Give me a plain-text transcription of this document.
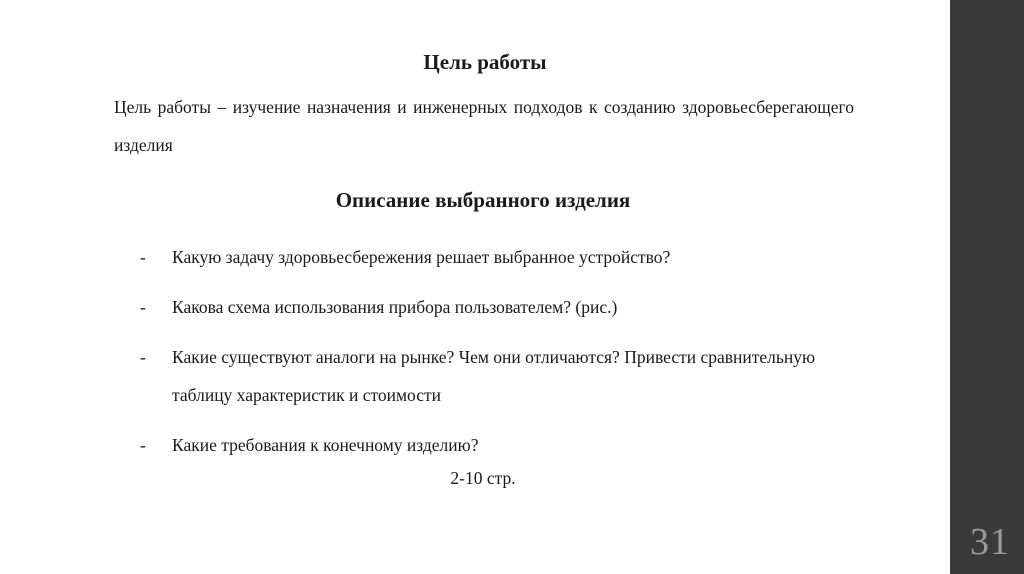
Цель работы
Цель работы – изучение назначения и инженерных подходов к созданию здоровьесберегающего изделия
Описание выбранного изделия
- Какую задачу здоровьесбережения решает выбранное устройство?
- Какова схема использования прибора пользователем? (рис.)
- Какие существуют аналоги на рынке? Чем они отличаются? Привести сравнительную таблицу характеристик и стоимости
- Какие требования к конечному изделию?
2-10 стр.
31
